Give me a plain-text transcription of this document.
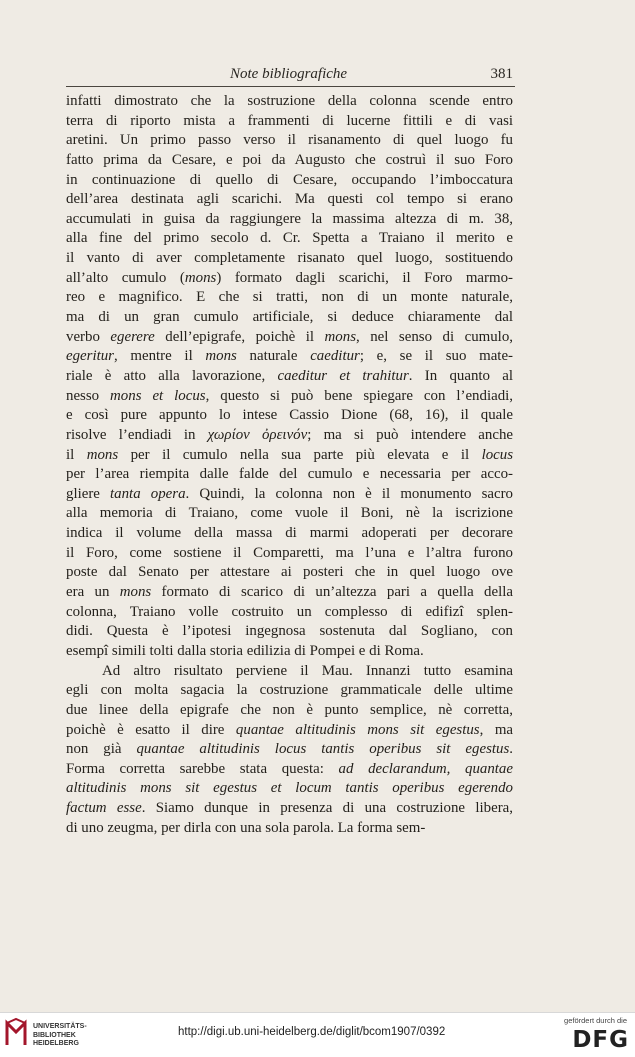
Note bibliografiche	381
infatti dimostrato che la sostruzione della colonna scende entro
terra di riporto mista a frammenti di lucerne fittili e di vasi
aretini. Un primo passo verso il risanamento di quel luogo fu
fatto prima da Cesare, e poi da Augusto che costruì il suo Foro
in continuazione di quello di Cesare, occupando l’imboccatura
dell’area destinata agli scarichi. Ma questi col tempo si erano
accumulati in guisa da raggiungere la massima altezza di m. 38,
alla fine del primo secolo d. Cr. Spetta a Traiano il merito e
il vanto di aver completamente risanato quel luogo, sostituendo
all’alto cumulo (mons) formato dagli scarichi, il Foro marmo-
reo e magnifico. E che si tratti, non di un monte naturale,
ma di un gran cumulo artificiale, si deduce chiaramente dal
verbo egerere dell’epigrafe, poichè il mons, nel senso di cumulo,
egeritur, mentre il mons naturale caeditur; e, se il suo mate-
riale è atto alla lavorazione, caeditur et trahitur. In quanto al
nesso mons et locus, questo si può bene spiegare con l’endiadi,
e così pure appunto lo intese Cassio Dione (68, 16), il quale
risolve l’endiadi in χωρίον ὀρεινόν; ma si può intendere anche
il mons per il cumulo nella sua parte più elevata e il locus
per l’area riempita dalle falde del cumulo e necessaria per acco-
gliere tanta opera. Quindi, la colonna non è il monumento sacro
alla memoria di Traiano, come vuole il Boni, nè la iscrizione
indica il volume della massa di marmi adoperati per decorare
il Foro, come sostiene il Comparetti, ma l’una e l’altra furono
poste dal Senato per attestare ai posteri che in quel luogo ove
era un mons formato di scarico di un’altezza pari a quella della
colonna, Traiano volle costruito un complesso di edifizî splen-
didi. Questa è l’ipotesi ingegnosa sostenuta dal Sogliano, con
esempî simili tolti dalla storia edilizia di Pompei e di Roma.
Ad altro risultato perviene il Mau. Innanzi tutto esamina
egli con molta sagacia la costruzione grammaticale delle ultime
due linee della epigrafe che non è punto semplice, nè corretta,
poichè è esatto il dire quantae altitudinis mons sit egestus, ma
non già quantae altitudinis locus tantis operibus sit egestus.
Forma corretta sarebbe stata questa: ad declarandum, quantae
altitudinis mons sit egestus et locum tantis operibus egerendo
factum esse. Siamo dunque in presenza di una costruzione libera,
di uno zeugma, per dirla con una sola parola. La forma sem-
UNIVERSITÄTS-
BIBLIOTHEK
HEIDELBERG
http://digi.ub.uni-heidelberg.de/diglit/bcom1907/0392
gefördert durch die
DFG
